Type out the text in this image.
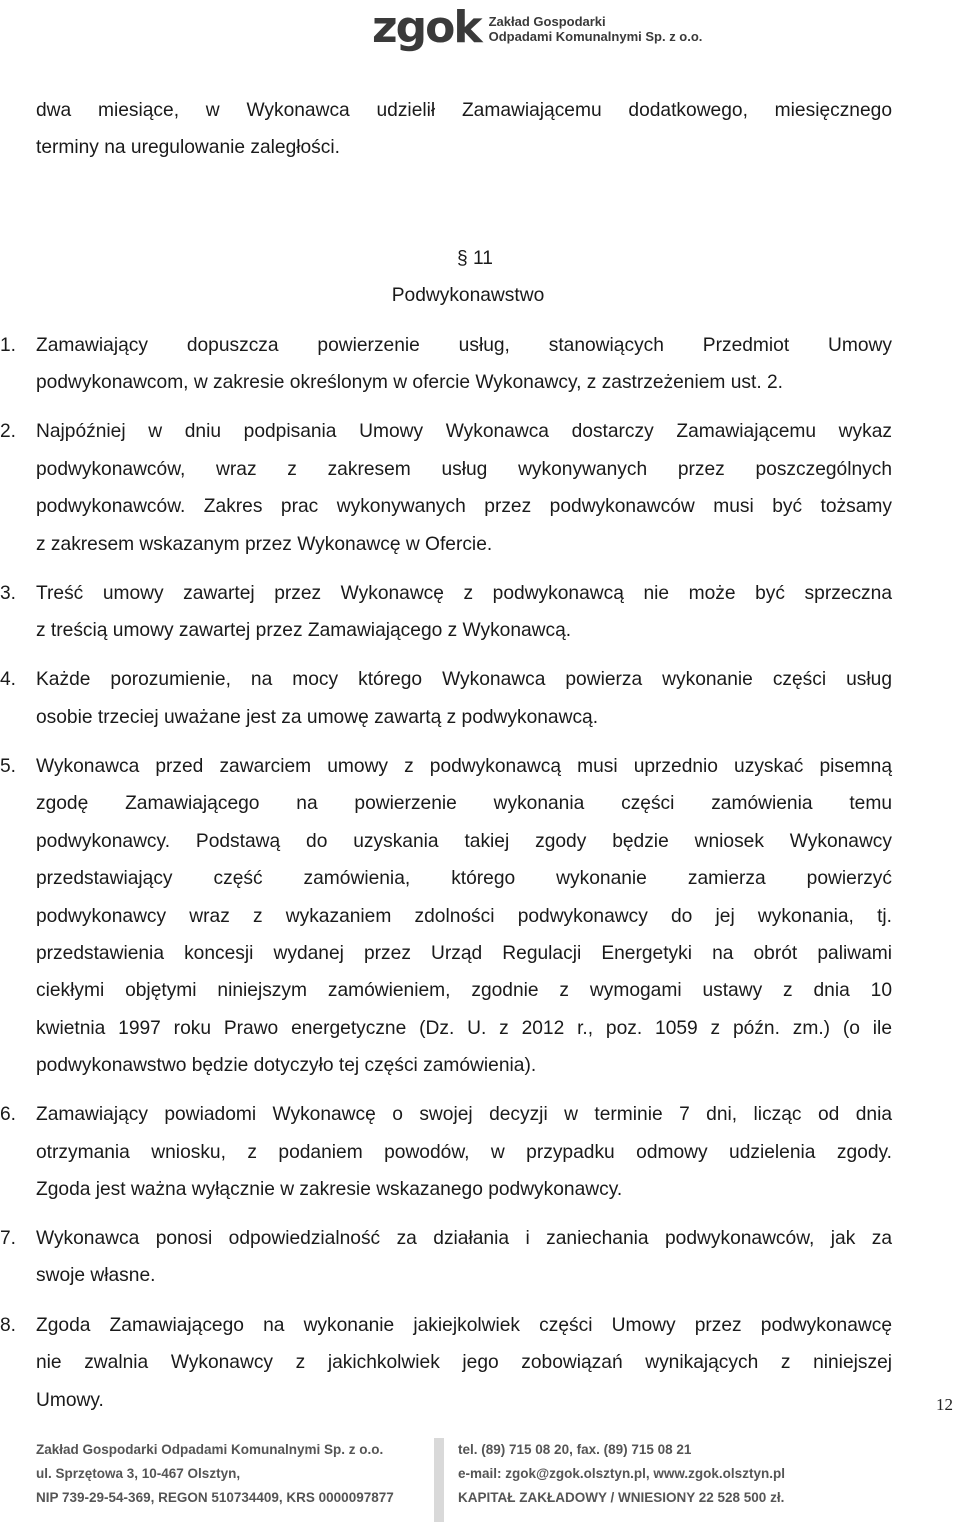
zgok Zakład Gospodarki
Odpadami Komunalnymi Sp. z o.o.
dwa miesiące, w Wykonawca udzielił Zamawiającemu dodatkowego, miesięcznego
terminy na uregulowanie zaległości.
§ 11
Podwykonawstwo
1. Zamawiający dopuszcza powierzenie usług, stanowiących Przedmiot Umowy
podwykonawcom, w zakresie określonym w ofercie Wykonawcy, z zastrzeżeniem ust. 2.
2. Najpóźniej w dniu podpisania Umowy Wykonawca dostarczy Zamawiającemu wykaz
podwykonawców, wraz z zakresem usług wykonywanych przez poszczególnych
podwykonawców. Zakres prac wykonywanych przez podwykonawców musi być tożsamy
z zakresem wskazanym przez Wykonawcę w Ofercie.
3. Treść umowy zawartej przez Wykonawcę z podwykonawcą nie może być sprzeczna
z treścią umowy zawartej przez Zamawiającego z Wykonawcą.
4. Każde porozumienie, na mocy którego Wykonawca powierza wykonanie części usług
osobie trzeciej uważane jest za umowę zawartą z podwykonawcą.
5. Wykonawca przed zawarciem umowy z podwykonawcą musi uprzednio uzyskać pisemną
zgodę Zamawiającego na powierzenie wykonania części zamówienia temu
podwykonawcy. Podstawą do uzyskania takiej zgody będzie wniosek Wykonawcy
przedstawiający część zamówienia, którego wykonanie zamierza powierzyć
podwykonawcy wraz z wykazaniem zdolności podwykonawcy do jej wykonania, tj.
przedstawienia koncesji wydanej przez Urząd Regulacji Energetyki na obrót paliwami
ciekłymi objętymi niniejszym zamówieniem, zgodnie z wymogami ustawy z dnia 10
kwietnia 1997 roku Prawo energetyczne (Dz. U. z 2012 r., poz. 1059 z późn. zm.) (o ile
podwykonawstwo będzie dotyczyło tej części zamówienia).
6. Zamawiający powiadomi Wykonawcę o swojej decyzji w terminie 7 dni, licząc od dnia
otrzymania wniosku, z podaniem powodów, w przypadku odmowy udzielenia zgody.
Zgoda jest ważna wyłącznie w zakresie wskazanego podwykonawcy.
7. Wykonawca ponosi odpowiedzialność za działania i zaniechania podwykonawców, jak za
swoje własne.
8. Zgoda Zamawiającego na wykonanie jakiejkolwiek części Umowy przez podwykonawcę
nie zwalnia Wykonawcy z jakichkolwiek jego zobowiązań wynikających z niniejszej
Umowy.	12
Zakład Gospodarki Odpadami Komunalnymi Sp. z o.o.
ul. Sprzętowa 3, 10-467 Olsztyn,
NIP 739-29-54-369, REGON 510734409, KRS 0000097877
tel. (89) 715 08 20, fax. (89) 715 08 21
e-mail: zgok@zgok.olsztyn.pl, www.zgok.olsztyn.pl
KAPITAŁ ZAKŁADOWY / WNIESIONY 22 528 500 zł.
